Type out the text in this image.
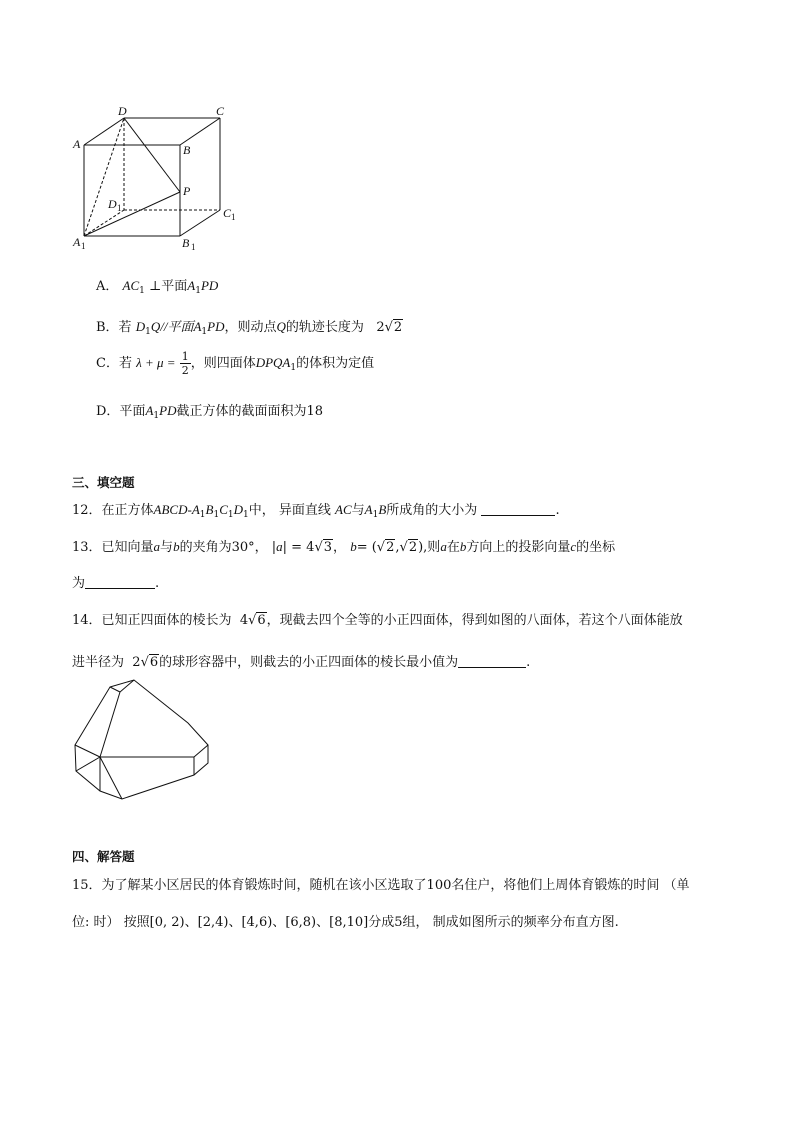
D	C
A	B
P
D 1	C 1
A 1	B 1
A． $AC_1$ ⊥平面$A_1PD$
B．若 $D_1Q//$平面$A_1PD$，则动点Q的轨迹长度为 2√2
C．若 $\lambda + \mu = \frac{1}{2}$ ，则四面体$DPQA_1$的体积为定值
D．平面$A_1PD$截正方体的截面面积为18
三、填空题
12．在正方体ABCD-$A_1B_1C_1D_1$中， 异面直线 AC与$A_1B$所成角的大小为	.
13．已知向量a与b的夹角为30°， |a| = 4√3， b= (√2,√2),则a在b方向上的投影向量c的坐标
为	.
14．已知正四面体的棱长为 4√6，现截去四个全等的小正四面体，得到如图的八面体，若这个八面体能放
进半径为 2√6的球形容器中，则截去的小正四面体的棱长最小值为	.
四、解答题
15．为了解某小区居民的体育锻炼时间，随机在该小区选取了100名住户，将他们上周体育锻炼的时间 （单
位: 时） 按照[0, 2)、[2,4)、[4,6)、[6,8)、[8,10]分成5组， 制成如图所示的频率分布直方图.
